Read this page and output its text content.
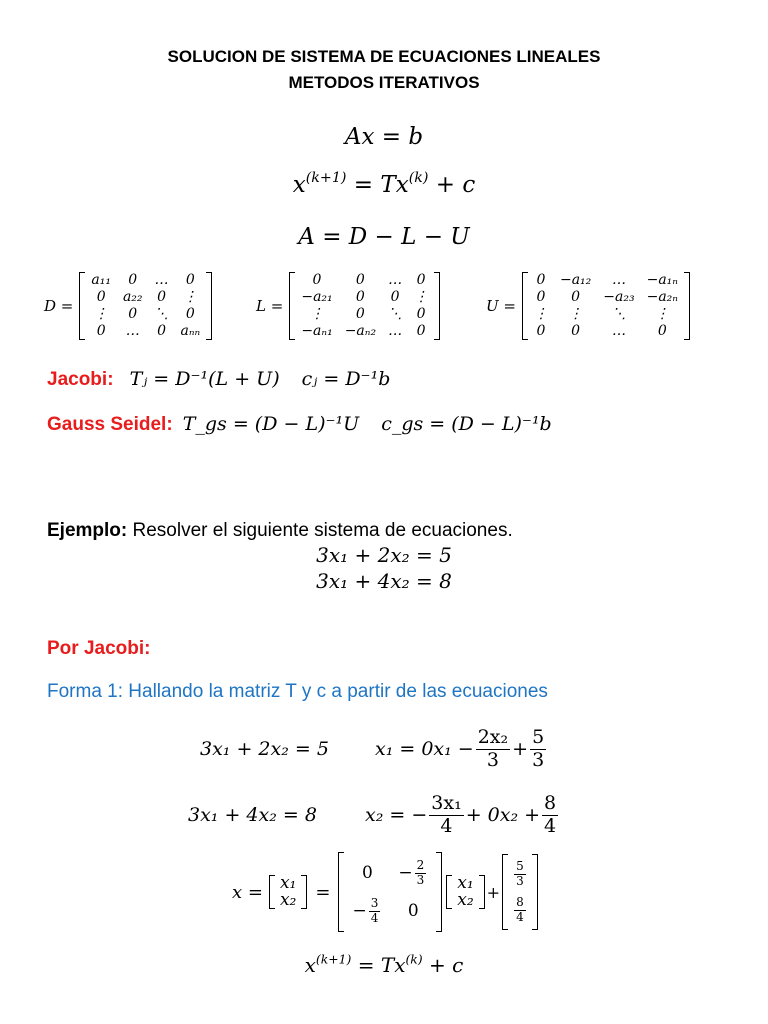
SOLUCION DE SISTEMA DE ECUACIONES LINEALES
METODOS ITERATIVOS
Ax = b
$x^{(k+1)} = Tx^{(k)} + c$
A = D − L − U
D =
a₁₁	0	…	0
0	a₂₂	0	⋮
⋮	0	⋱	0
0	…	0	aₙₙ
L =
0	0	…	0
−a₂₁	0	0	⋮
⋮	0	⋱	0
−aₙ₁	−aₙ₂	…	0
U =
0	−a₁₂	…	−a₁ₙ
0	0	−a₂₃	−a₂ₙ
⋮	⋮	⋱	⋮
0	0	…	0
Jacobi: Tⱼ = D⁻¹(L + U) cⱼ = D⁻¹b
Gauss Seidel: T_gs = (D − L)⁻¹U c_gs = (D − L)⁻¹b
Ejemplo: Resolver el siguiente sistema de ecuaciones.
3x₁ + 2x₂ = 5
3x₁ + 4x₂ = 8
Por Jacobi:
Forma 1: Hallando la matriz T y c a partir de las ecuaciones
3x₁ + 2x₂ = 5	$x_1 = 0x_1 - \frac{\text{2x₂}}{3} + \frac{5}{3}$
3x₁ + 4x₂ = 8	x₂ = − $\frac{\text{3x₁}}{4} + 0x_2 + \frac{8}{4}$
x = x₁
x₂ =
0	− $\frac{2}{3}$

− $\frac{3}{4}$	0
x₁
x₂ +
$\frac{5}{3}$

$\frac{8}{4}$
$x^{(k+1)} = Tx^{(k)} + c$
